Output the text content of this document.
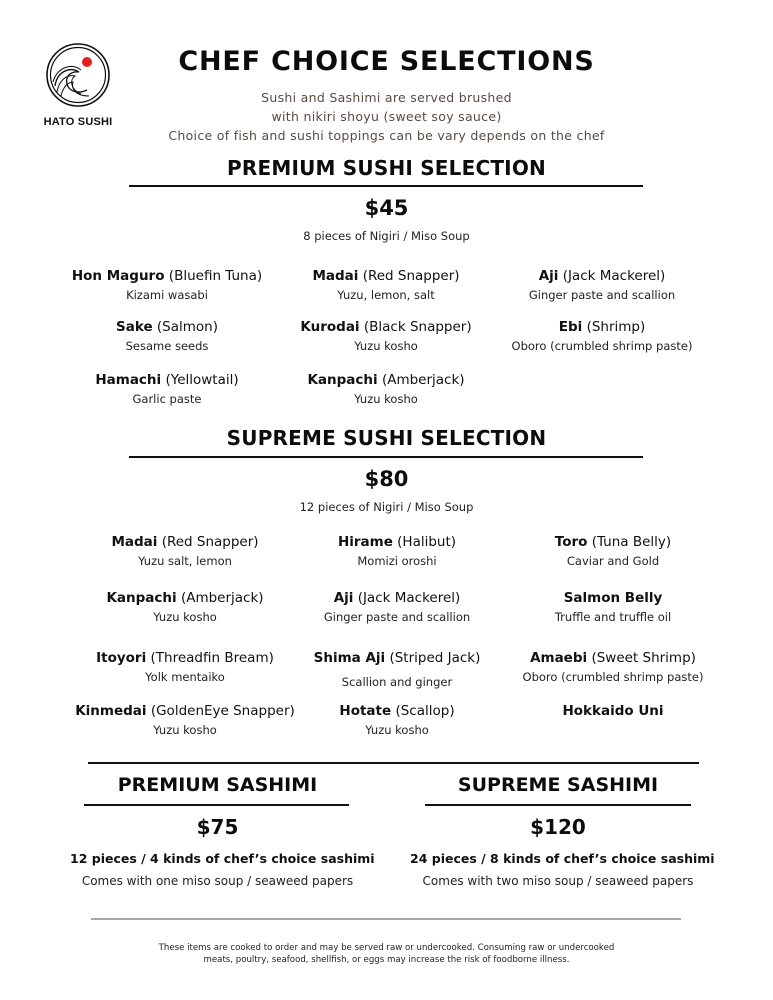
HATO SUSHI
CHEF CHOICE SELECTIONS
Sushi and Sashimi are served brushed
with nikiri shoyu (sweet soy sauce)
Choice of fish and sushi toppings can be vary depends on the chef
PREMIUM SUSHI SELECTION
$45
8 pieces of Nigiri / Miso Soup
Hon Maguro (Bluefin Tuna)
Kizami wasabi
Madai (Red Snapper)
Yuzu, lemon, salt
Aji (Jack Mackerel)
Ginger paste and scallion
Sake (Salmon)
Sesame seeds
Kurodai (Black Snapper)
Yuzu kosho
Ebi (Shrimp)
Oboro (crumbled shrimp paste)
Hamachi (Yellowtail)
Garlic paste
Kanpachi (Amberjack)
Yuzu kosho
SUPREME SUSHI SELECTION
$80
12 pieces of Nigiri / Miso Soup
Madai (Red Snapper)
Yuzu salt, lemon
Hirame (Halibut)
Momizi oroshi
Toro (Tuna Belly)
Caviar and Gold
Kanpachi (Amberjack)
Yuzu kosho
Aji (Jack Mackerel)
Ginger paste and scallion
Salmon Belly
Truffle and truffle oil
Itoyori (Threadfin Bream)
Yolk mentaiko
Shima Aji (Striped Jack)
Scallion and ginger
Amaebi (Sweet Shrimp)
Oboro (crumbled shrimp paste)
Kinmedai (GoldenEye Snapper)
Yuzu kosho
Hotate (Scallop)
Yuzu kosho
Hokkaido Uni
PREMIUM SASHIMI
$75
12 pieces / 4 kinds of chef’s choice sashimi
Comes with one miso soup / seaweed papers
SUPREME SASHIMI
$120
24 pieces / 8 kinds of chef’s choice sashimi
Comes with two miso soup / seaweed papers
These items are cooked to order and may be served raw or undercooked. Consuming raw or undercooked
meats, poultry, seafood, shellfish, or eggs may increase the risk of foodborne illness.
